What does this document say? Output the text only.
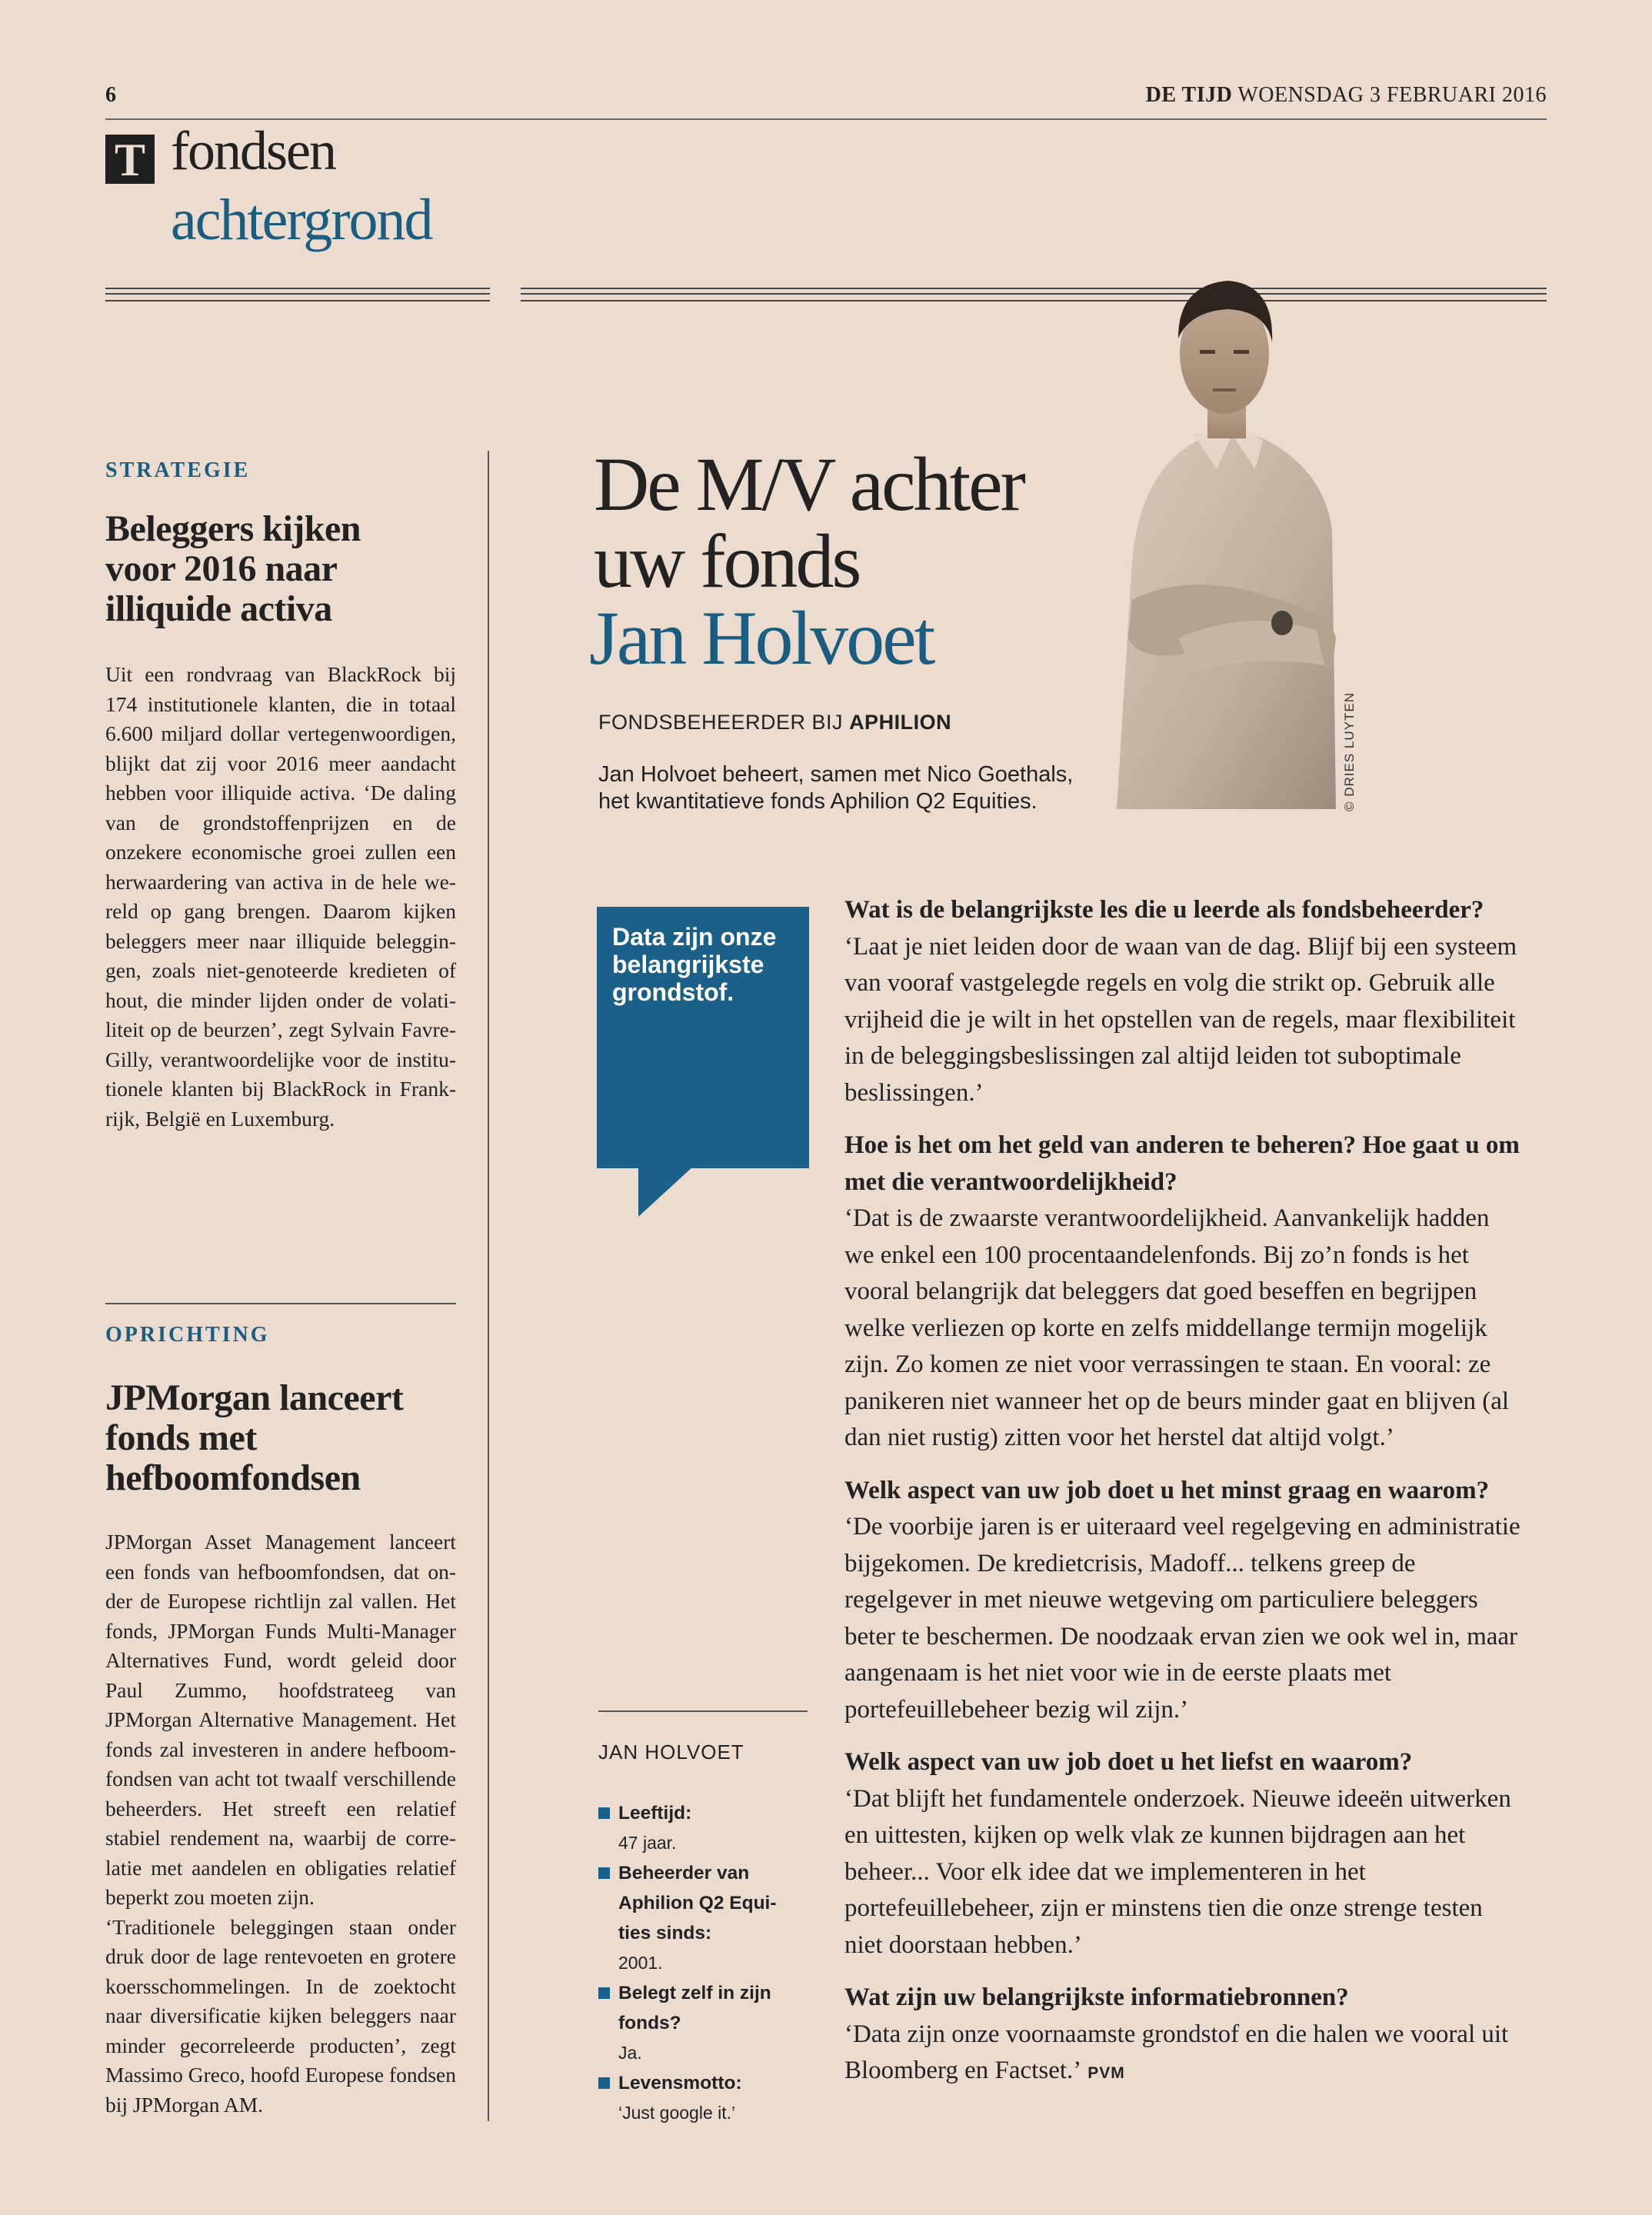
6	DE TIJD WOENSDAG 3 FEBRUARI 2016
T fondsen
achtergrond
STRATEGIE
Beleggers kijken
voor 2016 naar
illiquide activa
Uit een rondvraag van BlackRock bij 174 institutionele klanten, die in totaal 6.600 miljard dollar vertegenwoordigen, blijkt dat zij voor 2016 meer aandacht hebben voor illiquide activa. ‘De daling van de grondstoffenprijzen en de onzekere economische groei zullen een herwaardering van activa in de hele wereld op gang brengen. Daarom kijken beleggers meer naar illiquide beleggingen, zoals niet-genoteerde kredieten of hout, die minder lijden onder de volatiliteit op de beurzen’, zegt Sylvain Favre-Gilly, verantwoordelijke voor de institutionele klanten bij BlackRock in Frankrijk, België en Luxemburg.
OPRICHTING
JPMorgan lanceert
fonds met
hefboomfondsen

JPMorgan Asset Management lanceert een fonds van hefboomfondsen, dat onder de Europese richtlijn zal vallen. Het fonds, JPMorgan Funds Multi-Manager Alternatives Fund, wordt geleid door Paul Zummo, hoofdstrateeg van JPMorgan Alternative Management. Het fonds zal investeren in andere hefboomfondsen van acht tot twaalf verschillende beheerders. Het streeft een relatief stabiel rendement na, waarbij de correlatie met aandelen en obligaties relatief beperkt zou moeten zijn.

‘Traditionele beleggingen staan onder druk door de lage rentevoeten en grotere koersschommelingen. In de zoektocht naar diversificatie kijken beleggers naar minder gecorreleerde producten’, zegt Massimo Greco, hoofd Europese fondsen bij JPMorgan AM.

De M/V achter
uw fonds
Jan Holvoet
FONDSBEHEERDER BIJ APHILION
Jan Holvoet beheert, samen met Nico Goethals,
het kwantitatieve fonds Aphilion Q2 Equities.	© DRIES LUYTEN
Data zijn onze belangrijkste grondstof.

Wat is de belangrijkste les die u leerde als fondsbeheerder?

‘Laat je niet leiden door de waan van de dag. Blijf bij een systeem van vooraf vastgelegde regels en volg die strikt op. Gebruik alle vrijheid die je wilt in het opstellen van de regels, maar flexibiliteit in de beleggingsbeslissingen zal altijd leiden tot suboptimale beslissingen.’

Hoe is het om het geld van anderen te beheren? Hoe gaat u om met die verantwoordelijkheid?

‘Dat is de zwaarste verantwoordelijkheid. Aanvankelijk hadden we enkel een 100 procentaandelenfonds. Bij zo’n fonds is het vooral belangrijk dat beleggers dat goed beseffen en begrijpen welke verliezen op korte en zelfs middellange termijn mogelijk zijn. Zo komen ze niet voor verrassingen te staan. En vooral: ze panikeren niet wanneer het op de beurs minder gaat en blijven (al dan niet rustig) zitten voor het herstel dat altijd volgt.’

Welk aspect van uw job doet u het minst graag en waarom?

‘De voorbije jaren is er uiteraard veel regelgeving en administratie bijgekomen. De kredietcrisis, Madoff... telkens greep de regelgever in met nieuwe wetgeving om particuliere beleggers beter te beschermen. De noodzaak ervan zien we ook wel in, maar aangenaam is het niet voor wie in de eerste plaats met portefeuillebeheer bezig wil zijn.’

Welk aspect van uw job doet u het liefst en waarom?

‘Dat blijft het fundamentele onderzoek. Nieuwe ideeën uitwerken en uittesten, kijken op welk vlak ze kunnen bijdragen aan het beheer... Voor elk idee dat we implementeren in het portefeuillebeheer, zijn er minstens tien die onze strenge testen niet doorstaan hebben.’

Wat zijn uw belangrijkste informatiebronnen?

‘Data zijn onze voornaamste grondstof en die halen we vooral uit Bloomberg en Factset.’ PVM

JAN HOLVOET
Leeftijd:
47 jaar.
Beheerder van Aphilion Q2 Equities sinds:
2001.
Belegt zelf in zijn fonds?
Ja.
Levensmotto:
‘Just google it.’
